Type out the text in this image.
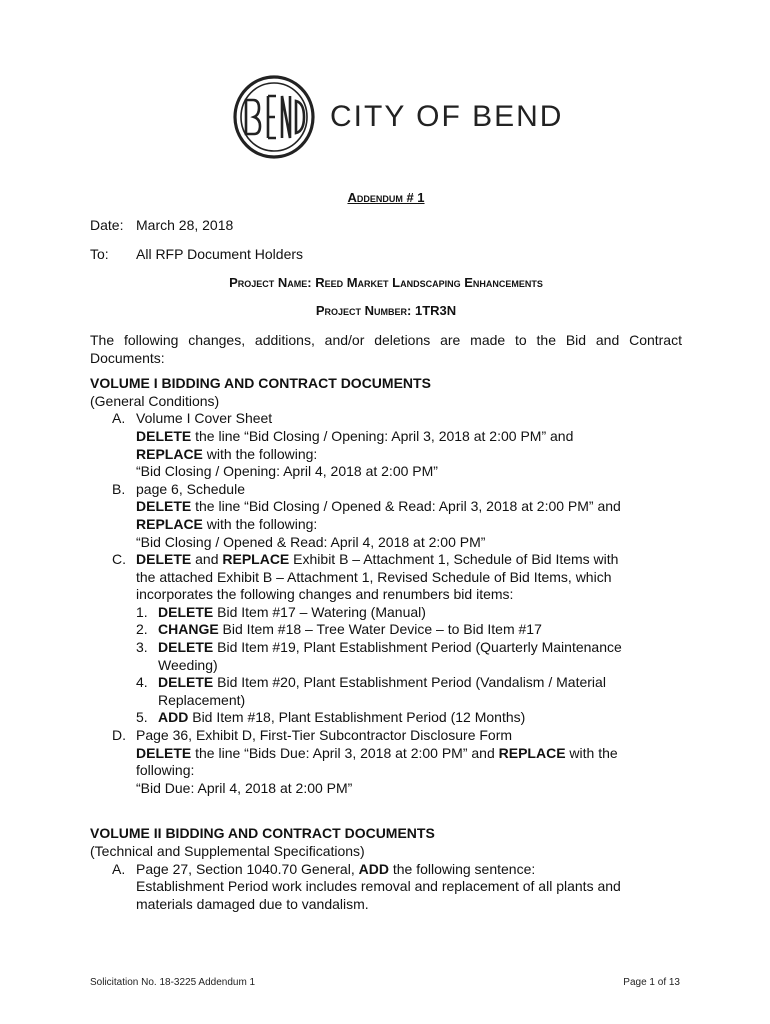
CITY OF BEND
Addendum # 1
Date: March 28, 2018
To:	All RFP Document Holders
Project Name: Reed Market Landscaping Enhancements
Project Number: 1TR3N
The following changes, additions, and/or deletions are made to the Bid and Contract Documents:
VOLUME I BIDDING AND CONTRACT DOCUMENTS
(General Conditions)
A. Volume I Cover Sheet
DELETE the line “Bid Closing / Opening: April 3, 2018 at 2:00 PM” and
REPLACE with the following:
“Bid Closing / Opening: April 4, 2018 at 2:00 PM”
B. page 6, Schedule
DELETE the line “Bid Closing / Opened & Read: April 3, 2018 at 2:00 PM” and
REPLACE with the following:
“Bid Closing / Opened & Read: April 4, 2018 at 2:00 PM”
C. DELETE and REPLACE Exhibit B – Attachment 1, Schedule of Bid Items with
the attached Exhibit B – Attachment 1, Revised Schedule of Bid Items, which
incorporates the following changes and renumbers bid items:
1. DELETE Bid Item #17 – Watering (Manual)
2. CHANGE Bid Item #18 – Tree Water Device – to Bid Item #17
3. DELETE Bid Item #19, Plant Establishment Period (Quarterly Maintenance
Weeding)
4. DELETE Bid Item #20, Plant Establishment Period (Vandalism / Material
Replacement)
5. ADD Bid Item #18, Plant Establishment Period (12 Months)
D. Page 36, Exhibit D, First-Tier Subcontractor Disclosure Form
DELETE the line “Bids Due: April 3, 2018 at 2:00 PM” and REPLACE with the
following:
“Bid Due: April 4, 2018 at 2:00 PM”
VOLUME II BIDDING AND CONTRACT DOCUMENTS
(Technical and Supplemental Specifications)
A. Page 27, Section 1040.70 General, ADD the following sentence:
Establishment Period work includes removal and replacement of all plants and
materials damaged due to vandalism.
Solicitation No. 18-3225 Addendum 1	Page 1 of 13
